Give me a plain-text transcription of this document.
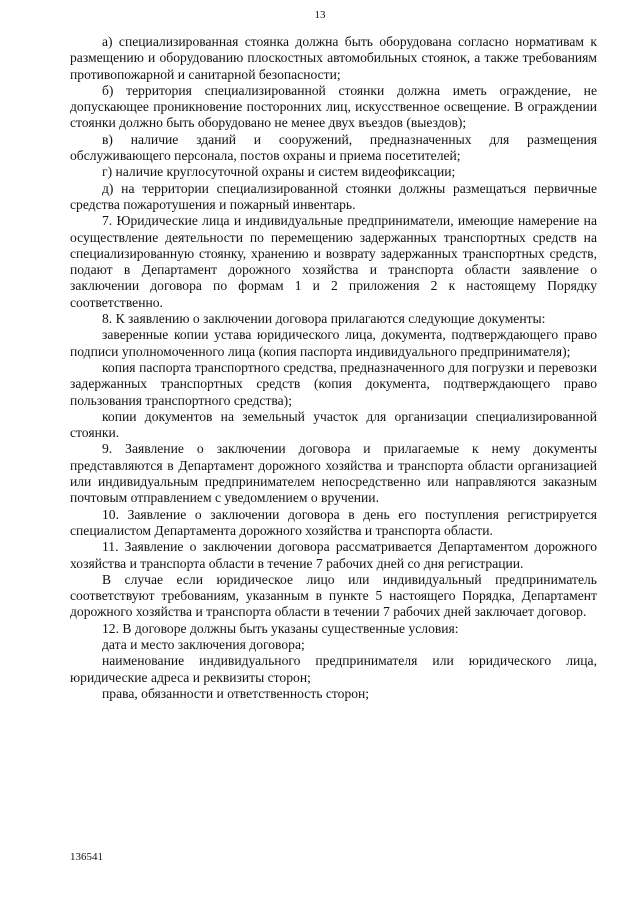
13

а) специализированная стоянка должна быть оборудована согласно нормативам к размещению и оборудованию плоскостных автомобильных стоянок, а также требованиям противопожарной и санитарной безопасности;

б) территория специализированной стоянки должна иметь ограждение, не допускающее проникновение посторонних лиц, искусственное освещение. В ограждении стоянки должно быть оборудовано не менее двух въездов (выездов);

в) наличие зданий и сооружений, предназначенных для размещения обслуживающего персонала, постов охраны и приема посетителей;

г) наличие круглосуточной охраны и систем видеофиксации;

д) на территории специализированной стоянки должны размещаться первичные средства пожаротушения и пожарный инвентарь.

7. Юридические лица и индивидуальные предприниматели, имеющие намерение на осуществление деятельности по перемещению задержанных транспортных средств на специализированную стоянку, хранению и возврату задержанных транспортных средств, подают в Департамент дорожного хозяйства и транспорта области заявление о заключении договора по формам 1 и 2 приложения 2 к настоящему Порядку соответственно.

8. К заявлению о заключении договора прилагаются следующие документы:

заверенные копии устава юридического лица, документа, подтверждающего право подписи уполномоченного лица (копия паспорта индивидуального предпринимателя);

копия паспорта транспортного средства, предназначенного для погрузки и перевозки задержанных транспортных средств (копия документа, подтверждающего право пользования транспортного средства);

копии документов на земельный участок для организации специализированной стоянки.

9. Заявление о заключении договора и прилагаемые к нему документы представляются в Департамент дорожного хозяйства и транспорта области организацией или индивидуальным предпринимателем непосредственно или направляются заказным почтовым отправлением с уведомлением о вручении.

10. Заявление о заключении договора в день его поступления регистрируется специалистом Департамента дорожного хозяйства и транспорта области.

11. Заявление о заключении договора рассматривается Департаментом дорожного хозяйства и транспорта области в течение 7 рабочих дней со дня регистрации.

В случае если юридическое лицо или индивидуальный предприниматель соответствуют требованиям, указанным в пункте 5 настоящего Порядка, Департамент дорожного хозяйства и транспорта области в течении 7 рабочих дней заключает договор.

12. В договоре должны быть указаны существенные условия:

дата и место заключения договора;

наименование индивидуального предпринимателя или юридического лица, юридические адреса и реквизиты сторон;

права, обязанности и ответственность сторон;

136541
